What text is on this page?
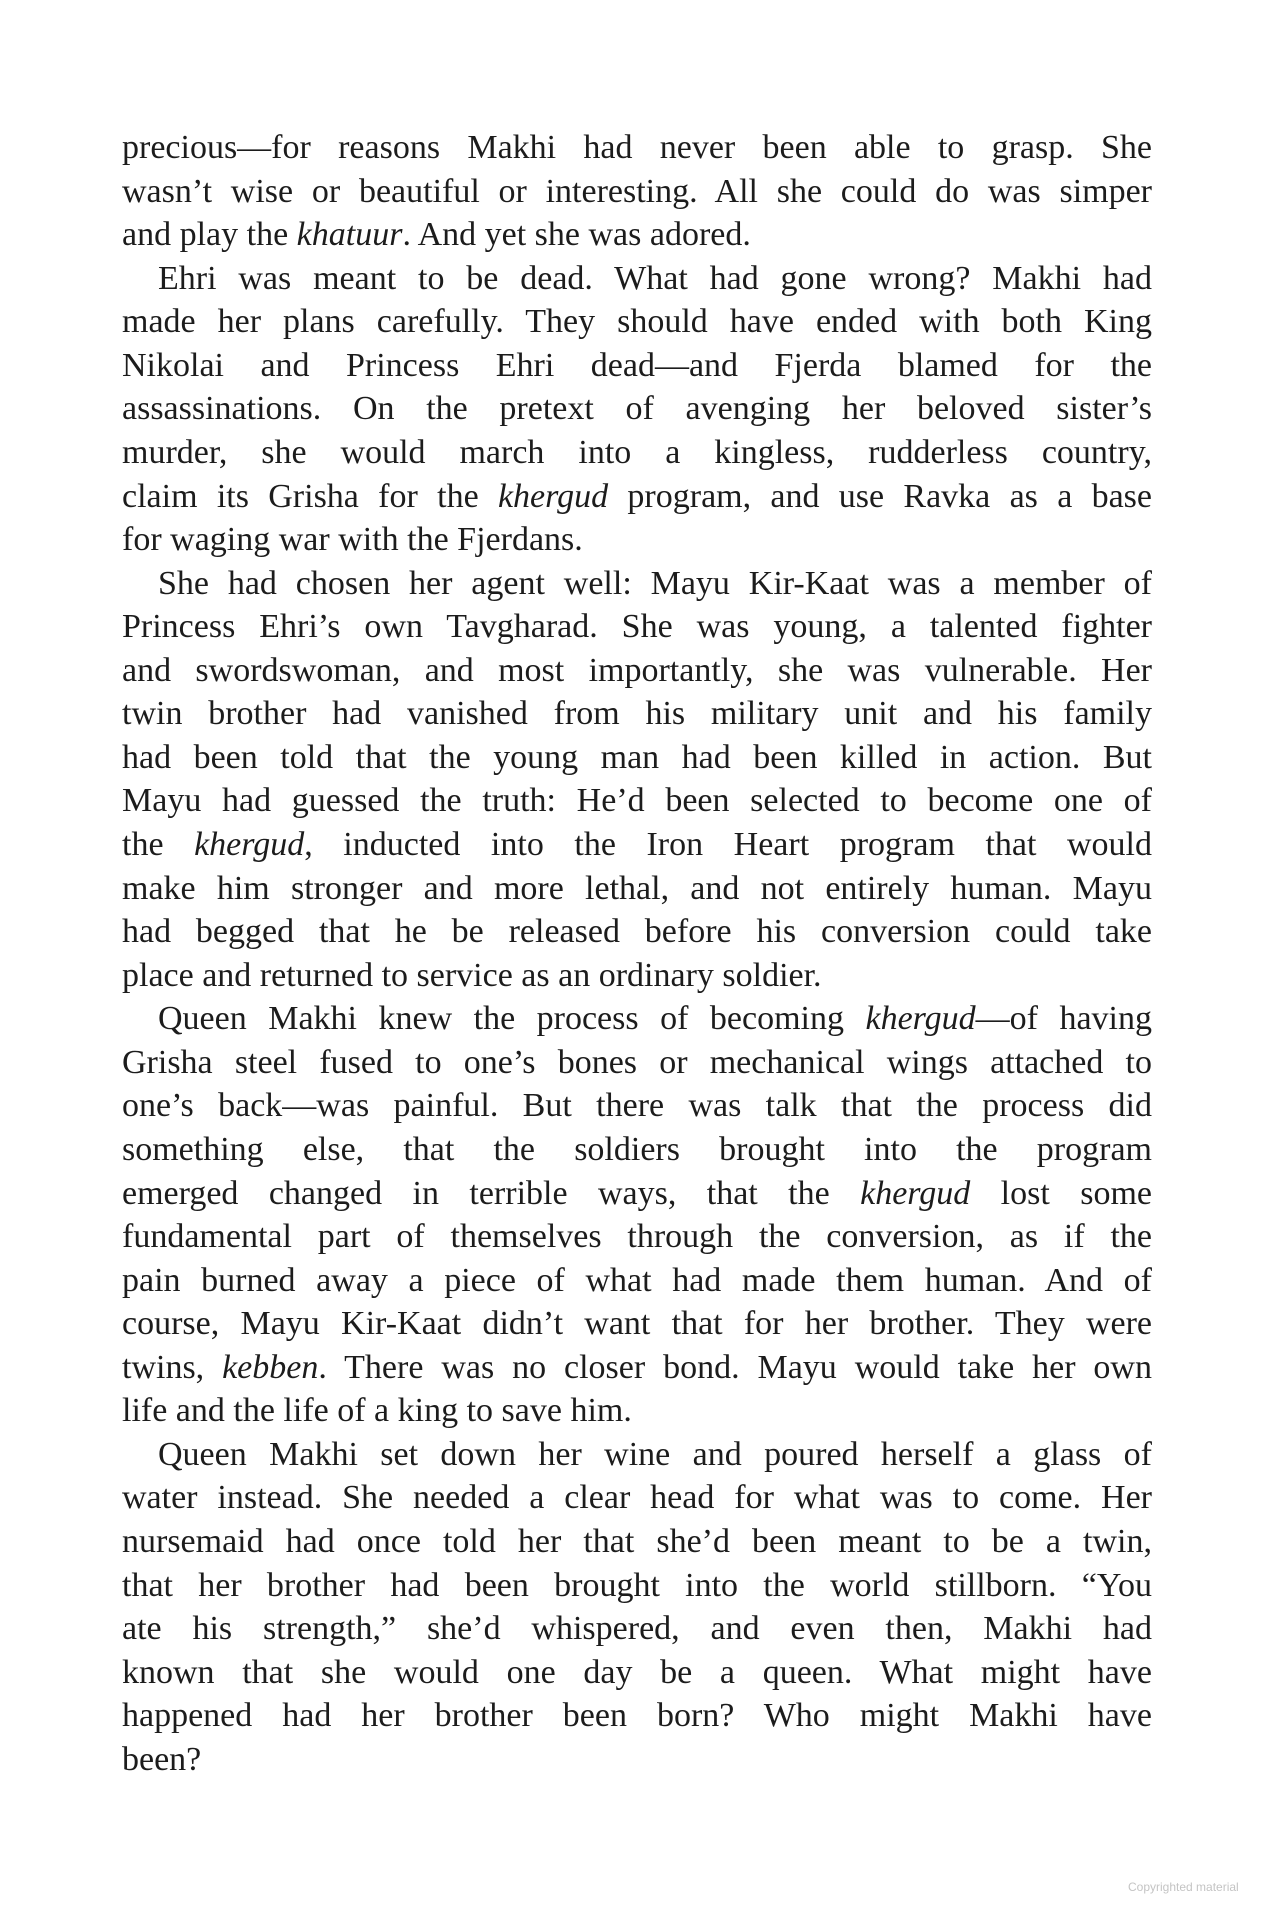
precious—for reasons Makhi had never been able to grasp. She
wasn’t wise or beautiful or interesting. All she could do was simper
and play the khatuur. And yet she was adored.
Ehri was meant to be dead. What had gone wrong? Makhi had
made her plans carefully. They should have ended with both King
Nikolai and Princess Ehri dead—and Fjerda blamed for the
assassinations. On the pretext of avenging her beloved sister’s
murder, she would march into a kingless, rudderless country,
claim its Grisha for the khergud program, and use Ravka as a base
for waging war with the Fjerdans.
She had chosen her agent well: Mayu Kir-Kaat was a member of
Princess Ehri’s own Tavgharad. She was young, a talented fighter
and swordswoman, and most importantly, she was vulnerable. Her
twin brother had vanished from his military unit and his family
had been told that the young man had been killed in action. But
Mayu had guessed the truth: He’d been selected to become one of
the khergud, inducted into the Iron Heart program that would
make him stronger and more lethal, and not entirely human. Mayu
had begged that he be released before his conversion could take
place and returned to service as an ordinary soldier.
Queen Makhi knew the process of becoming khergud—of having
Grisha steel fused to one’s bones or mechanical wings attached to
one’s back—was painful. But there was talk that the process did
something else, that the soldiers brought into the program
emerged changed in terrible ways, that the khergud lost some
fundamental part of themselves through the conversion, as if the
pain burned away a piece of what had made them human. And of
course, Mayu Kir-Kaat didn’t want that for her brother. They were
twins, kebben. There was no closer bond. Mayu would take her own
life and the life of a king to save him.
Queen Makhi set down her wine and poured herself a glass of
water instead. She needed a clear head for what was to come. Her
nursemaid had once told her that she’d been meant to be a twin,
that her brother had been brought into the world stillborn. “You
ate his strength,” she’d whispered, and even then, Makhi had
known that she would one day be a queen. What might have
happened had her brother been born? Who might Makhi have
been?
Copyrighted material
